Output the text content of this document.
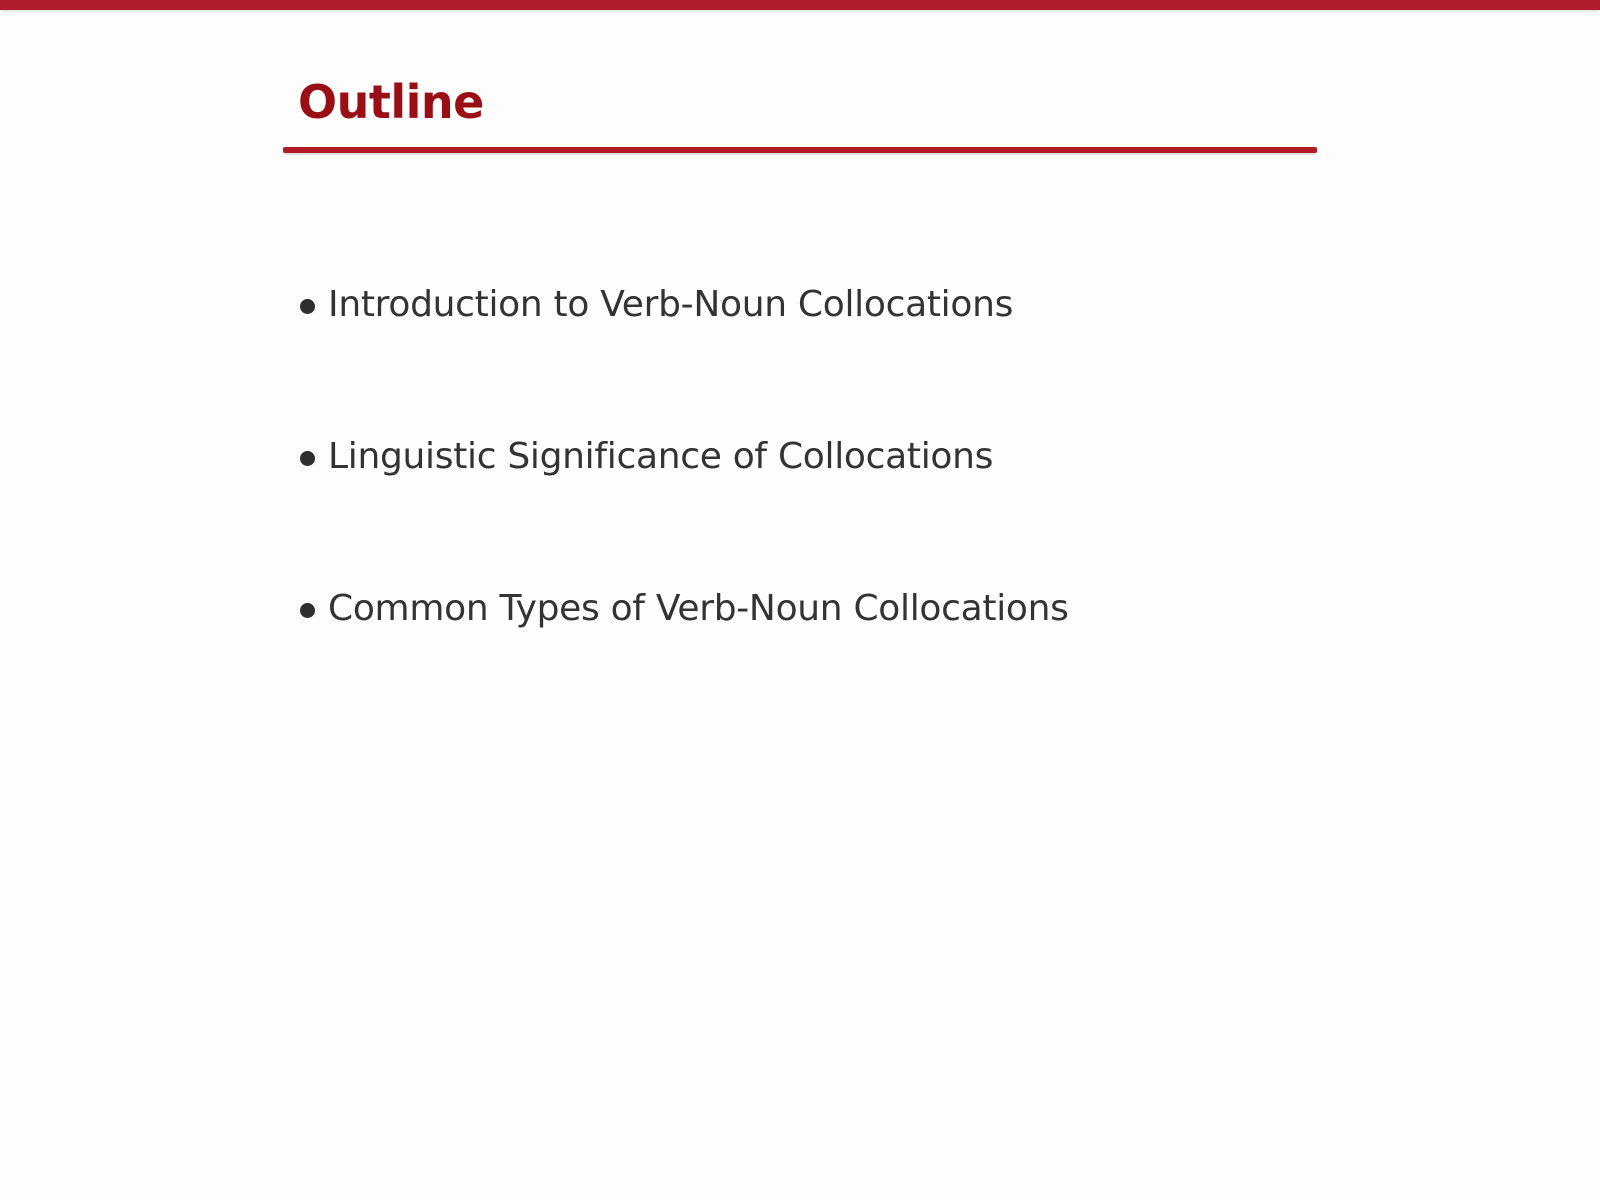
Outline
Introduction to Verb-Noun Collocations
Linguistic Significance of Collocations
Common Types of Verb-Noun Collocations
